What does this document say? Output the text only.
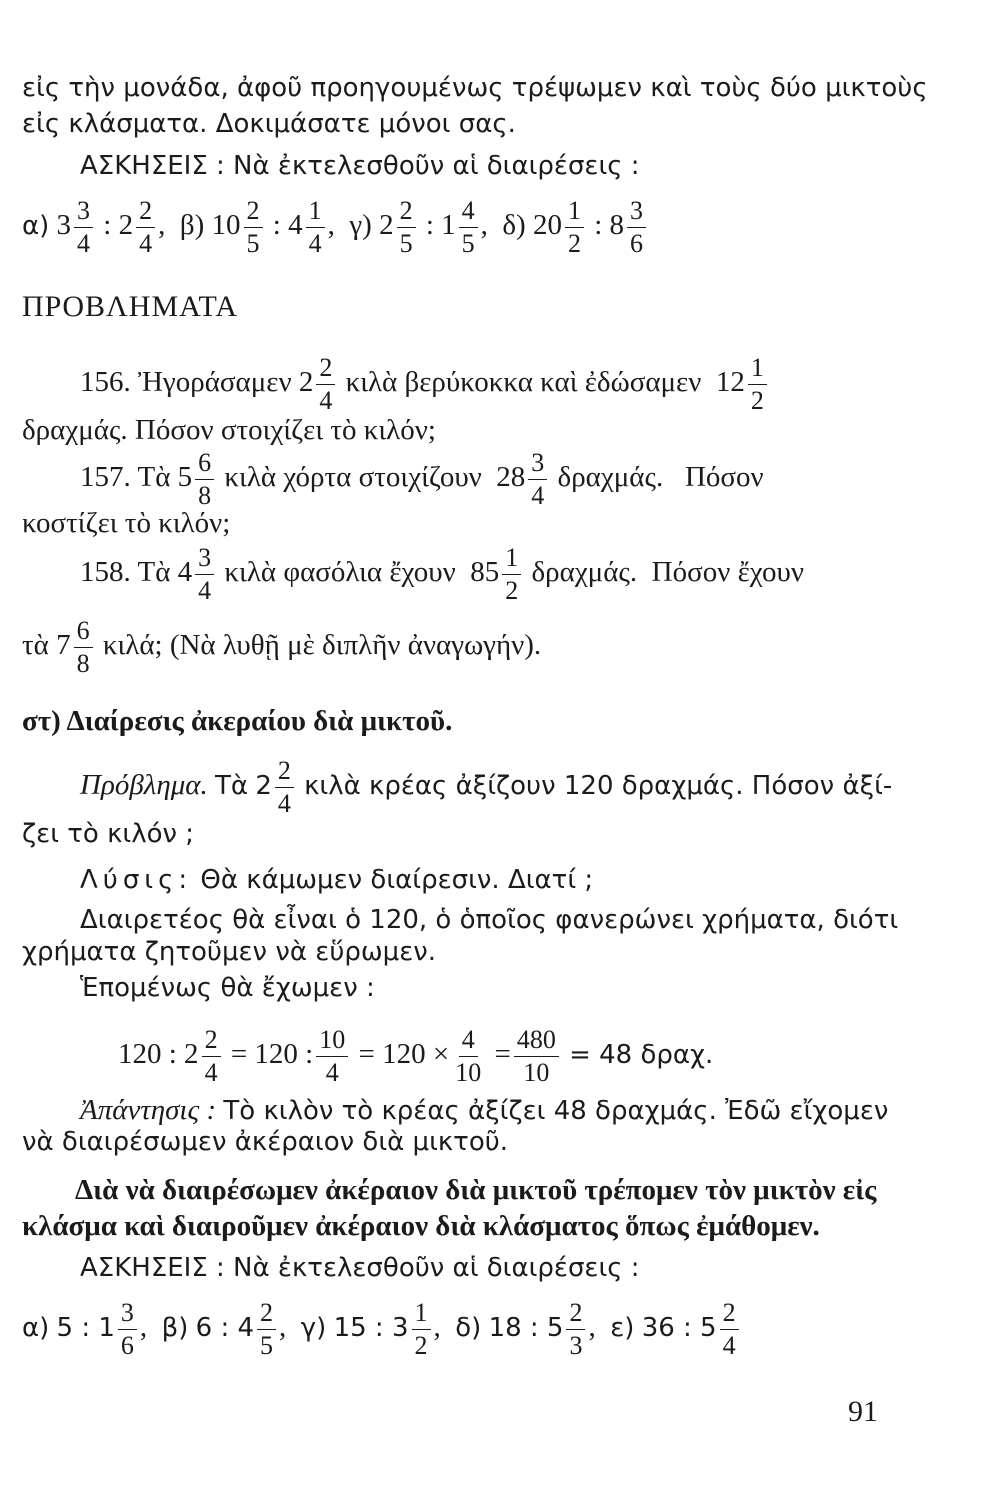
εἰς τὴν μονάδα, ἀφοῦ προηγουμένως τρέψωμεν καὶ τοὺς δύο μικτοὺς
εἰς κλάσματα. Δοκιμάσατε μόνοι σας.
ΑΣΚΗΣΕΙΣ : Νὰ ἐκτελεσθοῦν αἱ διαιρέσεις :
α) $3 \frac{3}{4}$ : $2 \frac{2}{4}$ ,  β) $10 \frac{2}{5}$ : $4 \frac{1}{4}$ ,  γ) $2 \frac{2}{5}$ : $1 \frac{4}{5}$ ,  δ) $20 \frac{1}{2}$ : $8 \frac{3}{6}$
ΠΡΟΒΛΗΜΑΤΑ
156. Ἠγοράσαμεν $2 \frac{2}{4}$ κιλὰ βερύκοκκα καὶ ἐδώσαμεν $12 \frac{1}{2}$
δραχμάς. Πόσον στοιχίζει τὸ κιλόν;
157. Τὰ $5 \frac{6}{8}$ κιλὰ χόρτα στοιχίζουν $28 \frac{3}{4} \delta\rho\alpha\chi\mu ά\varsigma$. Πόσον
κοστίζει τὸ κιλόν;
158. Τὰ $4 \frac{3}{4}$ κιλὰ φασόλια ἔχουν $85 \frac{1}{2} \delta\rho\alpha\chi\mu ά\varsigma$. Πόσον ἔχουν
τὰ $7 \frac{6}{8} \kappa\iota\lambda ά$; (Νὰ λυθῇ μὲ διπλῆν ἀναγωγήν).
στ) Διαίρεσις ἀκεραίου διὰ μικτοῦ.
Πρόβλημα. Τὰ $2 \frac{2}{4}$ κιλὰ κρέας ἀξίζουν 120 δραχμάς. Πόσον ἀξί-
ζει τὸ κιλόν ;
Λύσις: Θὰ κάμωμεν διαίρεσιν. Διατί ;
Διαιρετέος θὰ εἶναι ὁ 120, ὁ ὁποῖος φανερώνει χρήματα, διότι
χρήματα ζητοῦμεν νὰ εὕρωμεν.
Ἑπομένως θὰ ἔχωμεν :
120 : $2 \frac{2}{4} = 120$ : $\frac{10}{4} = 120 \times \frac{4}{10} = \frac{480}{10} = 48$ δραχ.
Ἀπάντησις : Τὸ κιλὸν τὸ κρέας ἀξίζει 48 δραχμάς. Ἐδῶ εἴχομεν
νὰ διαιρέσωμεν ἀκέραιον διὰ μικτοῦ.
Διὰ νὰ διαιρέσωμεν ἀκέραιον διὰ μικτοῦ τρέπομεν τὸν μικτὸν εἰς
κλάσμα καὶ διαιροῦμεν ἀκέραιον διὰ κλάσματος ὅπως ἐμάθομεν.
ΑΣΚΗΣΕΙΣ : Νὰ ἐκτελεσθοῦν αἱ διαιρέσεις :
α) 5 : $1 \frac{3}{6}$ ,  β) 6 : $4 \frac{2}{5}$ ,  γ) 15 : $3 \frac{1}{2}$ ,  δ) 18 : $5 \frac{2}{3}$ ,  ε) 36 : $5 \frac{2}{4}$
91
